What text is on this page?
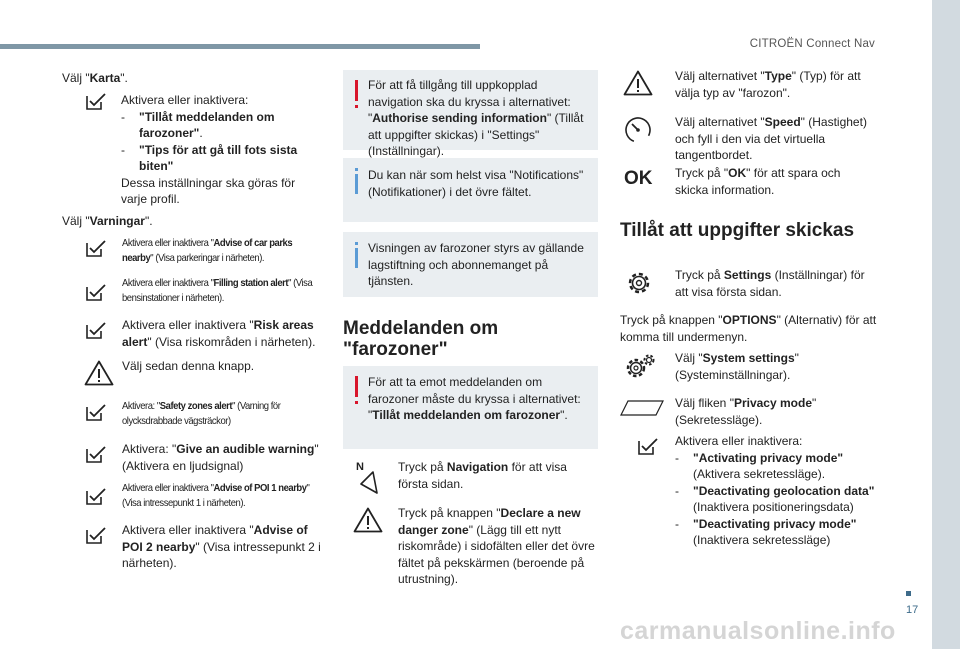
CITROËN Connect Nav
17
Välj "Karta".
Aktivera eller inaktivera:
-	"Tillåt meddelanden om farozoner".
-	"Tips för att gå till fots sista biten"
Dessa inställningar ska göras för varje profil.
Välj "Varningar".
Aktivera eller inaktivera "Advise of car parks nearby" (Visa parkeringar i närheten).
Aktivera eller inaktivera "Filling station alert" (Visa bensinstationer i närheten).
Aktivera eller inaktivera "Risk areas alert" (Visa riskområden i närheten).
Välj sedan denna knapp.
Aktivera: "Safety zones alert" (Varning för olycksdrabbade vägsträckor)
Aktivera: "Give an audible warning" (Aktivera en ljudsignal)
Aktivera eller inaktivera "Advise of POI 1 nearby" (Visa intressepunkt 1 i närheten).
Aktivera eller inaktivera "Advise of POI 2 nearby" (Visa intressepunkt 2 i närheten).
För att få tillgång till uppkopplad navigation ska du kryssa i alternativet: "Authorise sending information" (Tillåt att uppgifter skickas) i "Settings" (Inställningar).
Du kan när som helst visa "Notifications" (Notifikationer) i det övre fältet.
Visningen av farozoner styrs av gällande lagstiftning och abonnemanget på tjänsten.
Meddelanden om "farozoner"
För att ta emot meddelanden om farozoner måste du kryssa i alternativet: "Tillåt meddelanden om farozoner".
N	Tryck på Navigation för att visa första sidan.
Tryck på knappen "Declare a new danger zone" (Lägg till ett nytt riskområde) i sidofälten eller det övre fältet på pekskärmen (beroende på utrustning).
Välj alternativet "Type" (Typ) för att välja typ av "farozon".
Välj alternativet "Speed" (Hastighet) och fyll i den via det virtuella tangentbordet.
OK Tryck på "OK" för att spara och skicka information.
Tillåt att uppgifter skickas
Tryck på Settings (Inställningar) för att visa första sidan.
Tryck på knappen "OPTIONS" (Alternativ) för att komma till undermenyn.
Välj "System settings" (Systeminställningar).
Välj fliken "Privacy mode" (Sekretessläge).
Aktivera eller inaktivera:
-	"Activating privacy mode" (Aktivera sekretessläge).
-	"Deactivating geolocation data" (Inaktivera positioneringsdata)
-	"Deactivating privacy mode" (Inaktivera sekretessläge)
carmanualsonline.info
